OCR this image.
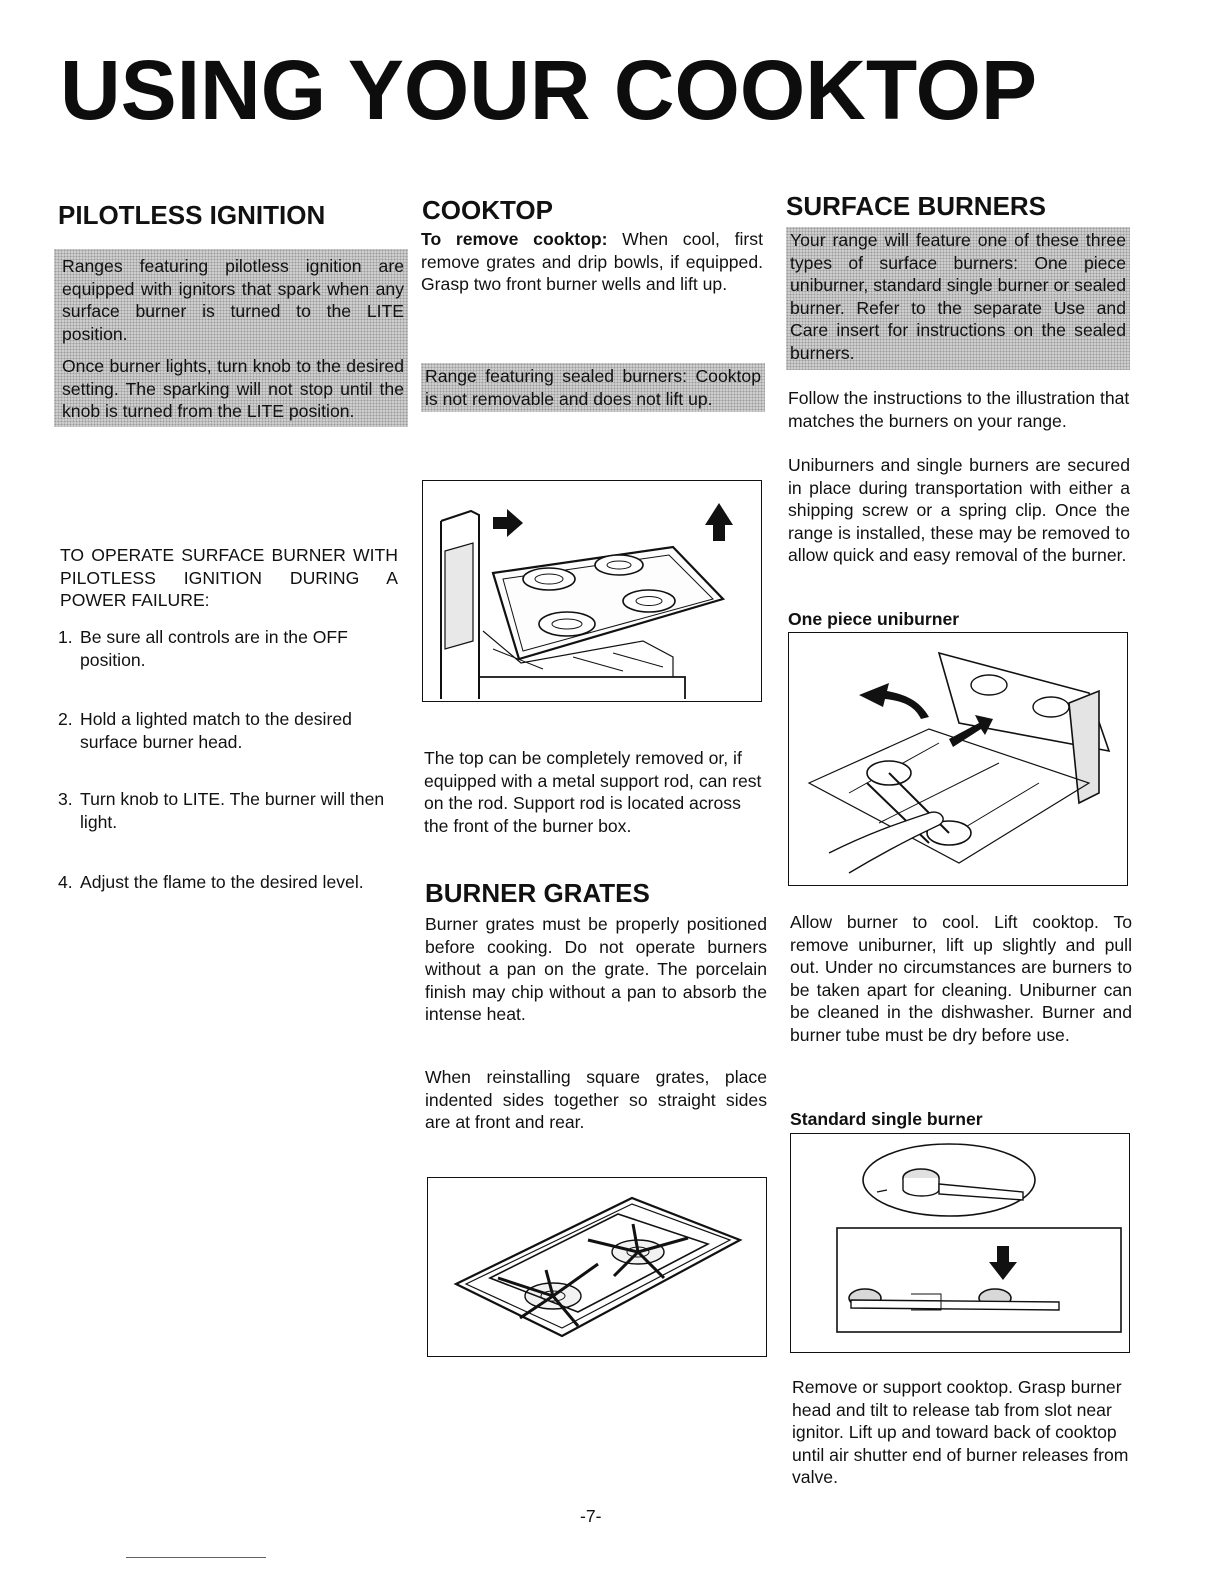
USING YOUR COOKTOP
PILOTLESS IGNITION

Ranges featuring pilotless ignition are equipped with ignitors that spark when any surface burner is turned to the LITE position.

Once burner lights, turn knob to the desired setting. The sparking will not stop until the knob is turned from the LITE position.

TO OPERATE SURFACE BURNER WITH PILOTLESS IGNITION DURING A POWER FAILURE:
1. Be sure all controls are in the OFF position.
2. Hold a lighted match to the desired surface burner head.
3. Turn knob to LITE. The burner will then light.
4. Adjust the flame to the desired level.
COOKTOP
To remove cooktop: When cool, first remove grates and drip bowls, if equipped. Grasp two front burner wells and lift up.
Range featuring sealed burners: Cooktop is not removable and does not lift up.
The top can be completely removed or, if equipped with a metal support rod, can rest on the rod. Support rod is located across the front of the burner box.
BURNER GRATES
Burner grates must be properly positioned before cooking. Do not operate burners without a pan on the grate. The porcelain finish may chip without a pan to absorb the intense heat.
When reinstalling square grates, place indented sides together so straight sides are at front and rear.
SURFACE BURNERS
Your range will feature one of these three types of surface burners: One piece uniburner, standard single burner or sealed burner. Refer to the separate Use and Care insert for instructions on the sealed burners.
Follow the instructions to the illustration that matches the burners on your range.
Uniburners and single burners are secured in place during transportation with either a shipping screw or a spring clip. Once the range is installed, these may be removed to allow quick and easy removal of the burner.
One piece uniburner
Allow burner to cool. Lift cooktop. To remove uniburner, lift up slightly and pull out. Under no circumstances are burners to be taken apart for cleaning. Uniburner can be cleaned in the dishwasher. Burner and burner tube must be dry before use.
Standard single burner
Remove or support cooktop. Grasp burner head and tilt to release tab from slot near ignitor. Lift up and toward back of cooktop until air shutter end of burner releases from valve.
-7-
